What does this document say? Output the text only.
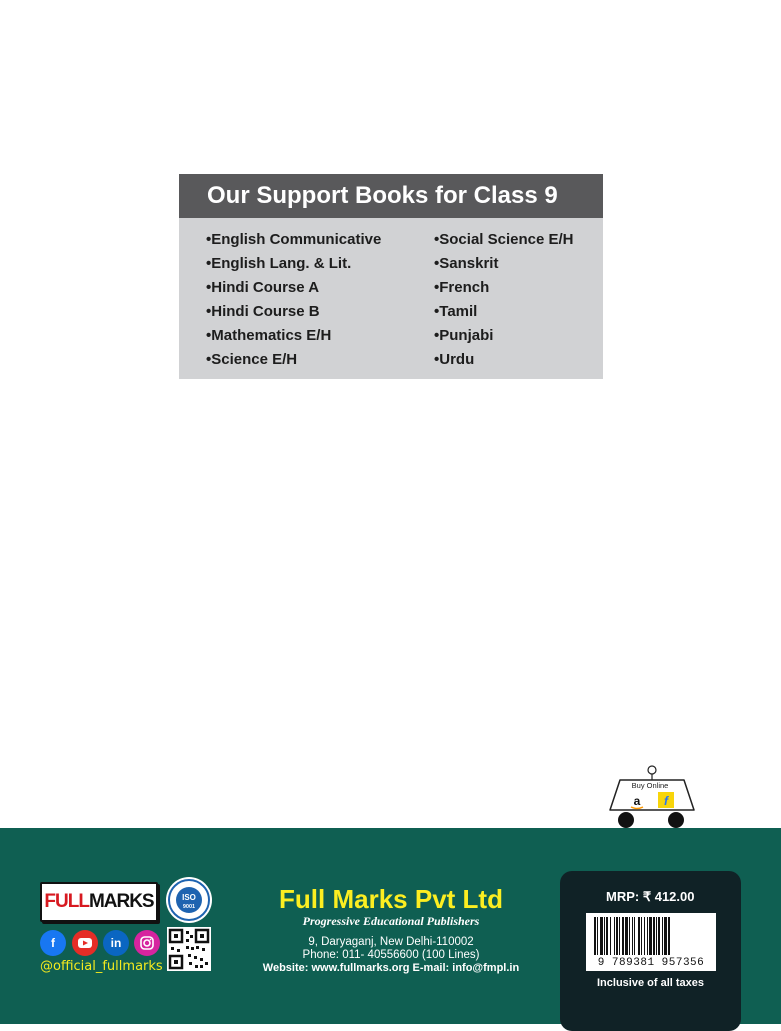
Our Support Books for Class 9
• English Communicative
• English Lang. & Lit.
• Hindi Course A
• Hindi Course B
• Mathematics E/H
• Science E/H
• Social Science E/H
• Sanskrit
• French
• Tamil
• Punjabi
• Urdu
Buy Online
a f
FULLMARKS	ISO
9001
f	in
@official_fullmarks
Full Marks Pvt Ltd
Progressive Educational Publishers
9, Daryaganj, New Delhi-110002
Phone: 011- 40556600 (100 Lines)
Website: www.fullmarks.org E-mail: info@fmpl.in
MRP: ₹ 412.00
9 789381 957356
Inclusive of all taxes
